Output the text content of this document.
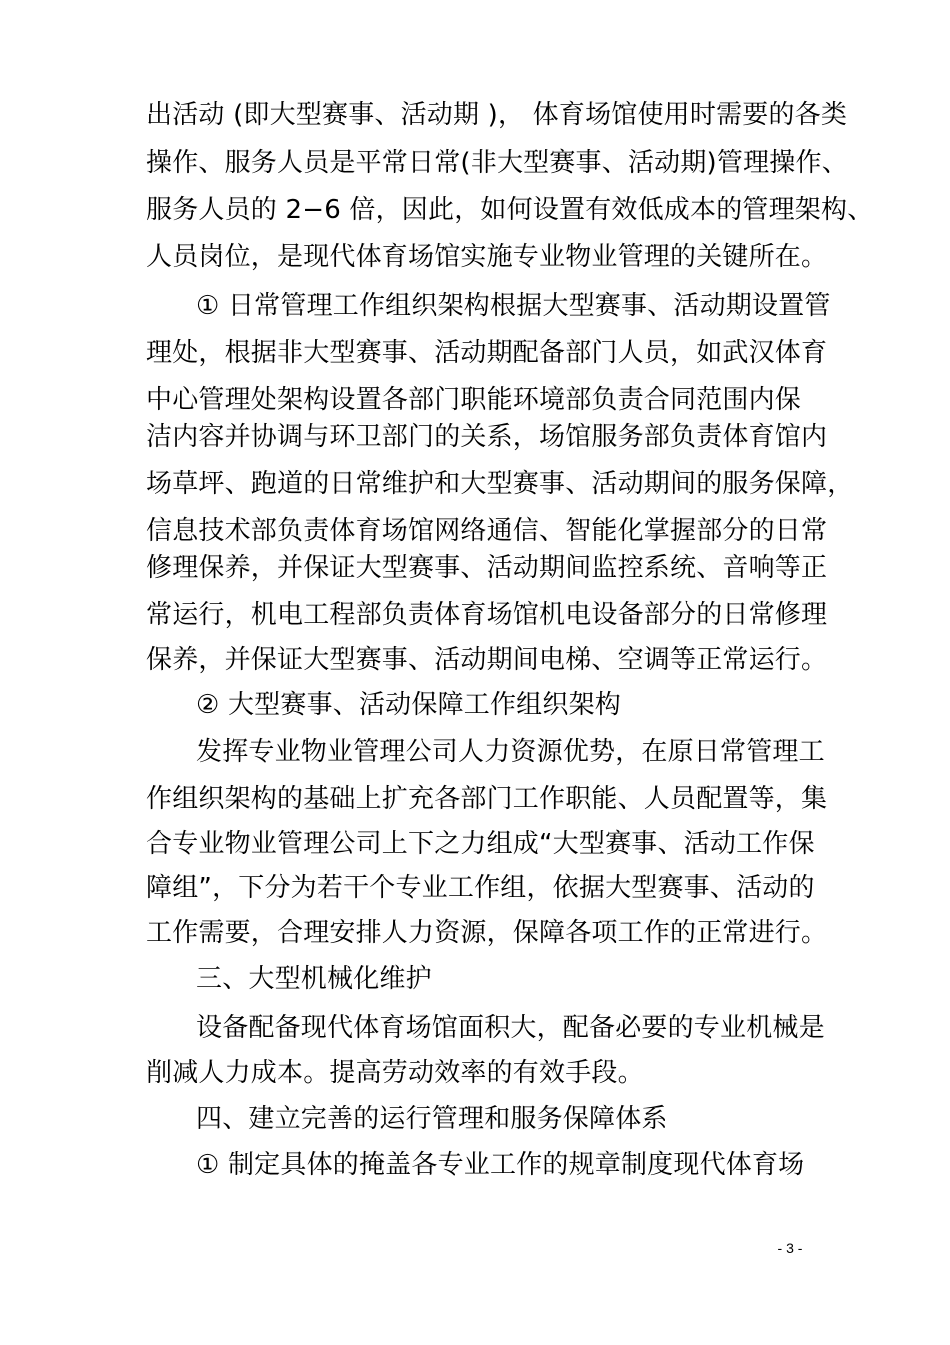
出活动 (即大型赛事、活动期 )， 体育场馆使用时需要的各类
操作、服务人员是平常日常(非大型赛事、活动期)管理操作、
服务人员的 2−6 倍，因此，如何设置有效低成本的管理架构、
人员岗位，是现代体育场馆实施专业物业管理的关键所在。
① 日常管理工作组织架构根据大型赛事、活动期设置管
理处，根据非大型赛事、活动期配备部门人员，如武汉体育
中心管理处架构设置各部门职能环境部负责合同范围内保
洁内容并协调与环卫部门的关系，场馆服务部负责体育馆内
场草坪、跑道的日常维护和大型赛事、活动期间的服务保障，
信息技术部负责体育场馆网络通信、智能化掌握部分的日常
修理保养，并保证大型赛事、活动期间监控系统、音响等正
常运行，机电工程部负责体育场馆机电设备部分的日常修理
保养，并保证大型赛事、活动期间电梯、空调等正常运行。
② 大型赛事、活动保障工作组织架构
发挥专业物业管理公司人力资源优势，在原日常管理工
作组织架构的基础上扩充各部门工作职能、人员配置等，集
合专业物业管理公司上下之力组成“大型赛事、活动工作保
障组”，下分为若干个专业工作组，依据大型赛事、活动的
工作需要，合理安排人力资源，保障各项工作的正常进行。
三、大型机械化维护
设备配备现代体育场馆面积大，配备必要的专业机械是
削减人力成本。提高劳动效率的有效手段。
四、建立完善的运行管理和服务保障体系
① 制定具体的掩盖各专业工作的规章制度现代体育场
- 3 -
